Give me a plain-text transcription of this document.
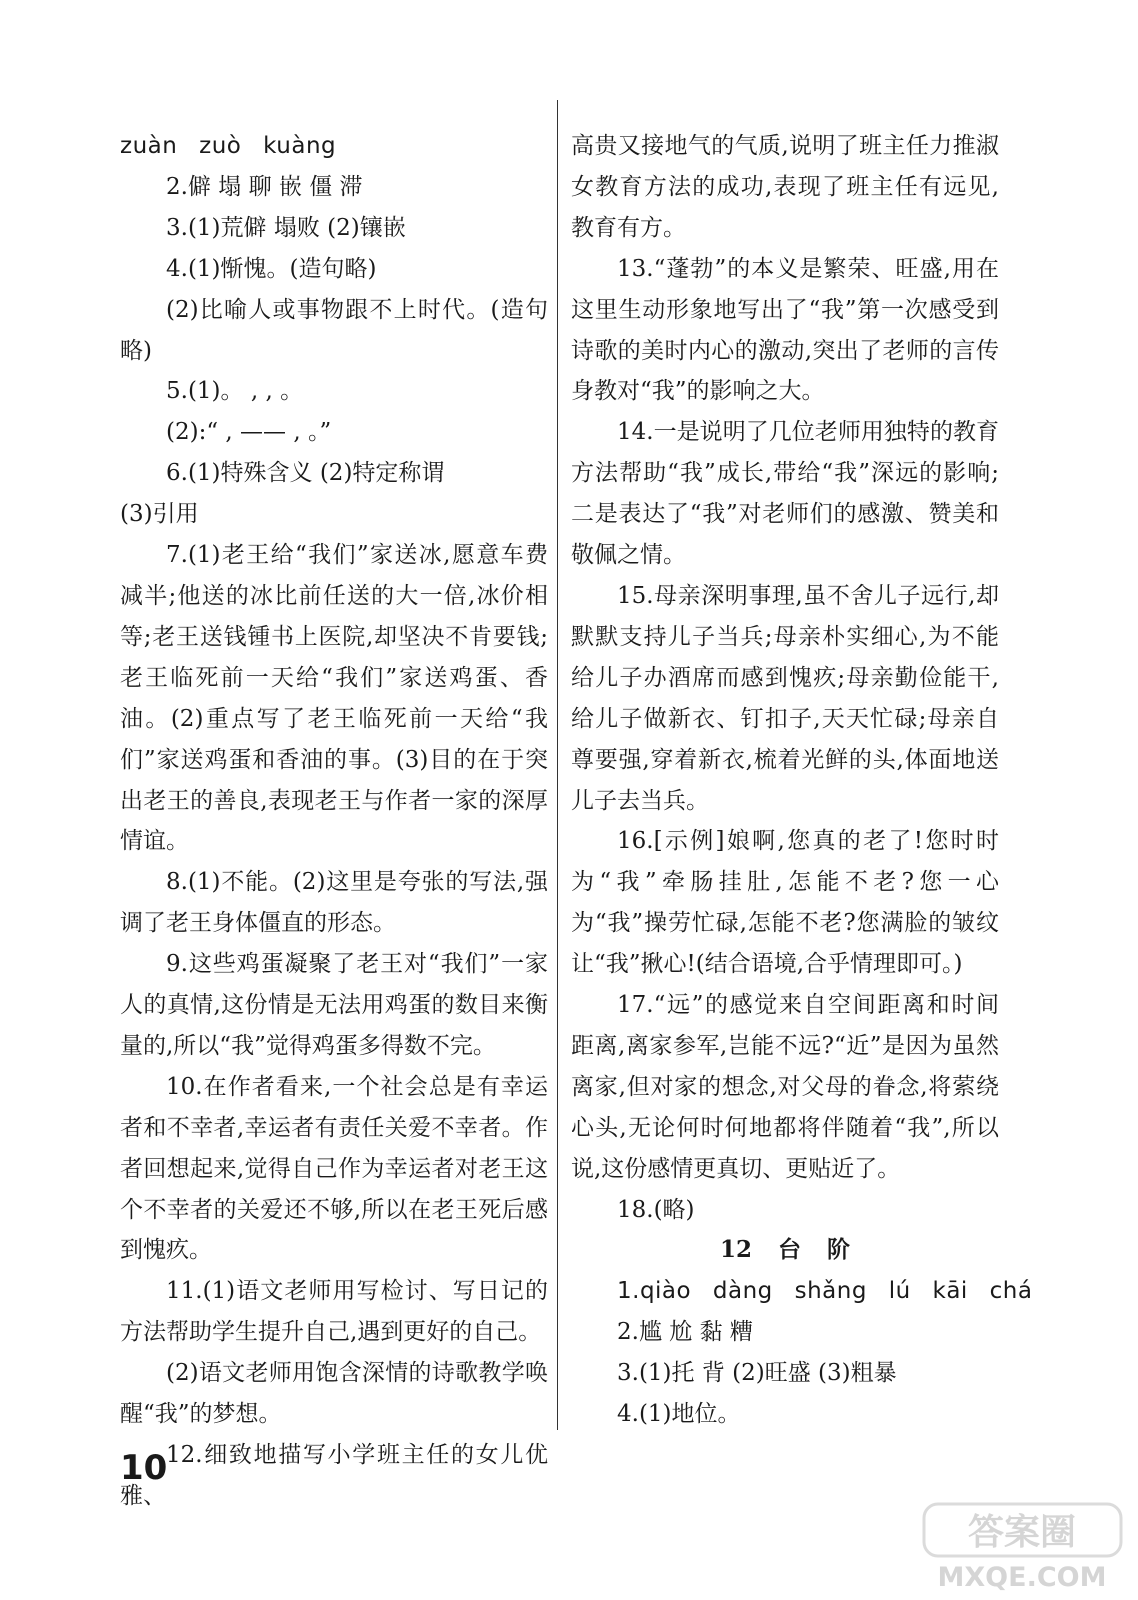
zuàn zuò kuàng

2.僻 塌 聊 嵌 僵 滞

3.(1)荒僻 塌败 (2)镶嵌

4.(1)惭愧。(造句略)

(2)比喻人或事物跟不上时代。(造句略)

5.(1)。 , , 。

(2):“ , —— , 。”

6.(1)特殊含义 (2)特定称谓

(3)引用

7.(1)老王给“我们”家送冰,愿意车费减半;他送的冰比前任送的大一倍,冰价相等;老王送钱锺书上医院,却坚决不肯要钱;老王临死前一天给“我们”家送鸡蛋、香油。(2)重点写了老王临死前一天给“我们”家送鸡蛋和香油的事。(3)目的在于突出老王的善良,表现老王与作者一家的深厚情谊。

8.(1)不能。(2)这里是夸张的写法,强调了老王身体僵直的形态。

9.这些鸡蛋凝聚了老王对“我们”一家人的真情,这份情是无法用鸡蛋的数目来衡量的,所以“我”觉得鸡蛋多得数不完。

10.在作者看来,一个社会总是有幸运者和不幸者,幸运者有责任关爱不幸者。作者回想起来,觉得自己作为幸运者对老王这个不幸者的关爱还不够,所以在老王死后感到愧疚。

11.(1)语文老师用写检讨、写日记的方法帮助学生提升自己,遇到更好的自己。

(2)语文老师用饱含深情的诗歌教学唤醒“我”的梦想。

12.细致地描写小学班主任的女儿优雅、

高贵又接地气的气质,说明了班主任力推淑女教育方法的成功,表现了班主任有远见,教育有方。

13.“蓬勃”的本义是繁荣、旺盛,用在这里生动形象地写出了“我”第一次感受到诗歌的美时内心的激动,突出了老师的言传身教对“我”的影响之大。

14.一是说明了几位老师用独特的教育方法帮助“我”成长,带给“我”深远的影响;二是表达了“我”对老师们的感激、赞美和敬佩之情。

15.母亲深明事理,虽不舍儿子远行,却默默支持儿子当兵;母亲朴实细心,为不能给儿子办酒席而感到愧疚;母亲勤俭能干,给儿子做新衣、钉扣子,天天忙碌;母亲自尊要强,穿着新衣,梳着光鲜的头,体面地送儿子去当兵。

16.[示例]娘啊,您真的老了!您时时为“我”牵肠挂肚,怎能不老?您一心为“我”操劳忙碌,怎能不老?您满脸的皱纹让“我”揪心!(结合语境,合乎情理即可。)

17.“远”的感觉来自空间距离和时间距离,离家参军,岂能不远?“近”是因为虽然离家,但对家的想念,对父母的眷念,将萦绕心头,无论何时何地都将伴随着“我”,所以说,这份感情更真切、更贴近了。

18.(略)

12 台 阶

1.qiào dàng shǎng lú kāi chá

2.尴 尬 黏 糟

3.(1)托 背 (2)旺盛 (3)粗暴

4.(1)地位。

10
答案圈
MXQE.COM
